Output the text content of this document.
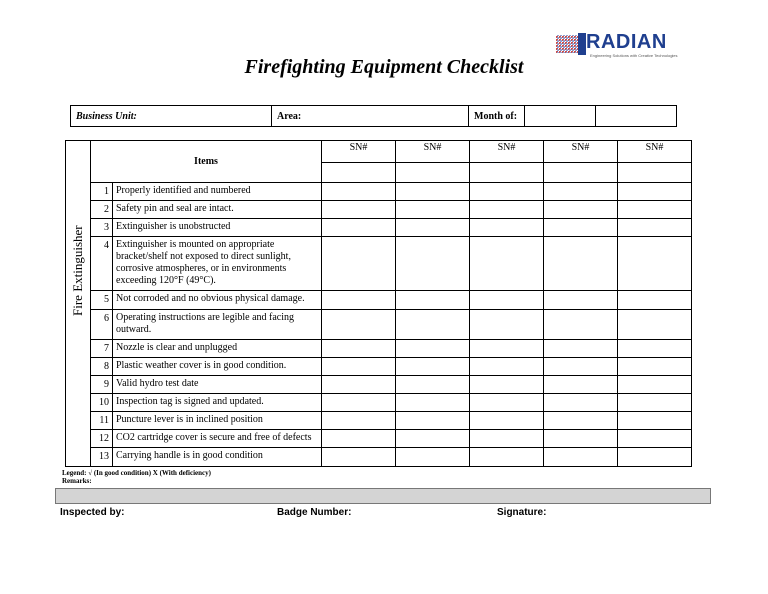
RADIAN
Engineering Solutions with Creative Technologies
Firefighting Equipment Checklist
Business Unit:	Area:	Month of:		
Fire Extinguisher	Items		SN#	SN#	SN#	SN#	SN#

	1	Properly identified and numbered					
	2	Safety pin and seal are intact.					
	3	Extinguisher is unobstructed					
	4	Extinguisher is mounted on appropriate bracket/shelf not exposed to direct sunlight, corrosive atmospheres, or in environments exceeding 120°F (49°C).					
	5	Not corroded and no obvious physical damage.					
	6	Operating instructions are legible and facing outward.					
	7	Nozzle is clear and unplugged					
	8	Plastic weather cover is in good condition.					
	9	Valid hydro test date					
	10	Inspection tag is signed and updated.					
	11	Puncture lever is in inclined position					
	12	CO2 cartridge cover is secure and free of defects					
	13	Carrying handle is in good condition					
Legend: √ (In good condition) X (With deficiency)
Remarks:
Inspected by:	Badge Number:	Signature:
